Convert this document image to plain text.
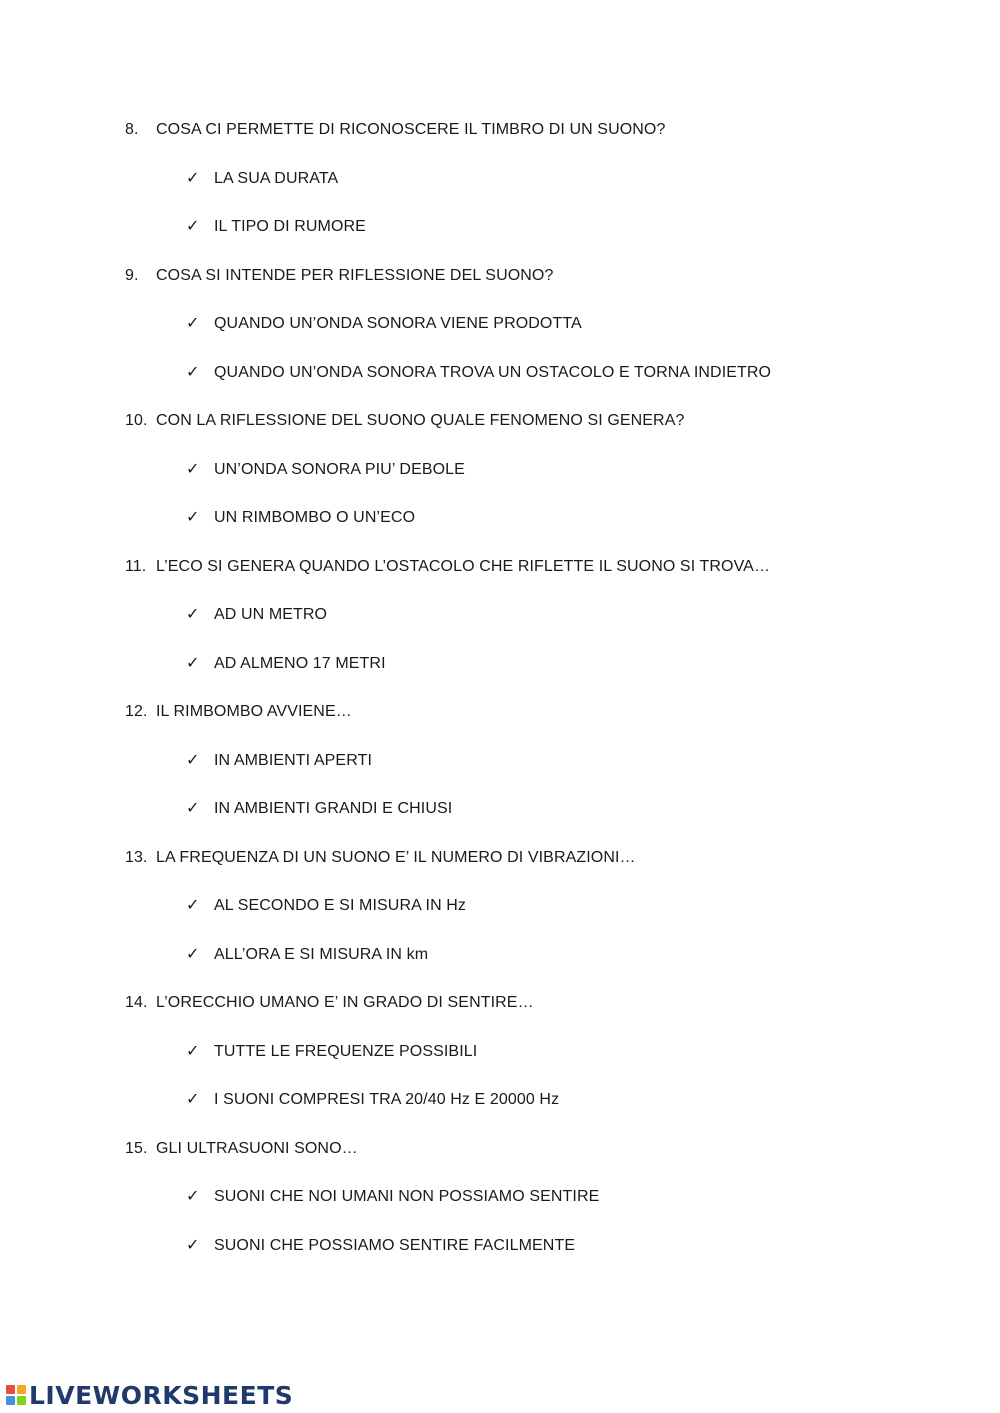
8. COSA CI PERMETTE DI RICONOSCERE IL TIMBRO DI UN SUONO?
✓ LA SUA DURATA
✓ IL TIPO DI RUMORE
9. COSA SI INTENDE PER RIFLESSIONE DEL SUONO?
✓ QUANDO UN’ONDA SONORA VIENE PRODOTTA
✓ QUANDO UN’ONDA SONORA TROVA UN OSTACOLO E TORNA INDIETRO
10. CON LA RIFLESSIONE DEL SUONO QUALE FENOMENO SI GENERA?
✓ UN’ONDA SONORA PIU’ DEBOLE
✓ UN RIMBOMBO O UN’ECO
11. L’ECO SI GENERA QUANDO L’OSTACOLO CHE RIFLETTE IL SUONO SI TROVA…
✓ AD UN METRO
✓ AD ALMENO 17 METRI
12. IL RIMBOMBO AVVIENE…
✓ IN AMBIENTI APERTI
✓ IN AMBIENTI GRANDI E CHIUSI
13. LA FREQUENZA DI UN SUONO E’ IL NUMERO DI VIBRAZIONI…
✓ AL SECONDO E SI MISURA IN Hz
✓ ALL’ORA E SI MISURA IN km
14. L’ORECCHIO UMANO E’ IN GRADO DI SENTIRE…
✓ TUTTE LE FREQUENZE POSSIBILI
✓ I SUONI COMPRESI TRA 20/40 Hz E 20000 Hz
15. GLI ULTRASUONI SONO…
✓ SUONI CHE NOI UMANI NON POSSIAMO SENTIRE
✓ SUONI CHE POSSIAMO SENTIRE FACILMENTE
LIVEWORKSHEETS
